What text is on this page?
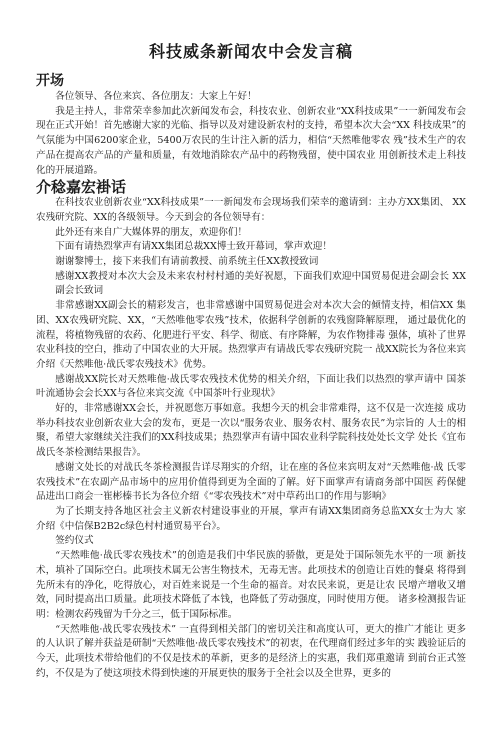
科技威条新闻农中会发言稿
开场

各位领导、各位来宾、各位朋友：大家上午好！

我是主持人，非常荣幸参加此次新闻发布会，科技农业、创新农业“XX科技成果”一一新闻发布会现在正式开始！首先感谢大家的光临、指导以及对建设新农村的支持，希望本次大会“XX 科技成果”的气氛能为中国6200家企业，5400万农民的生计注入新的活力，相信“天然唯他零农 残”技术生产的农产品在提高农产品的产量和质量，有效地消除农产品中的药物残留，使中国农业 用创新技术走上科技化的开展道路。

介稔嘉宏褂话

在科技农业创新农业“XX科技成果”一一新闻发布会现场我们荣幸的邀请到：主办方XX集团、 XX农残研究院、XX的各级领导。今天到会的各位领导有：

此外还有来自广大媒体界的朋友，欢迎你们！

下面有请热烈掌声有请XX集团总裁XX博士致开幕词，掌声欢迎！

谢谢黎博士，接下来我们有请前教授、前系统主任XX教授致词

感谢XX教授对本次大会及未来农村村村通的美好祝愿，下面我们欢迎中国贸易促进会副会长 XX副会长致词

非常感谢XX副会长的精彩发言，也非常感谢中国贸易促进会对本次大会的倾情支持，相信XX 集团、XX农残研究院、XX，“天然唯他零农残”技术，依据科学创新的农残窗降解原理， 通过最优化的流程，将植物残留的农药、化肥进行平安、科学、彻底、有序降解，为农作物排毒 强体，填补了世界农业科技的空白，推动了中国农业的大开展。热烈掌声有请战氏零农残研究院一 战XX院长为各位来宾介绍《天然唯他·战氏零农残技术》优势。

感谢战XX院长对天然唯他·战氏零农残技术优势的相关介绍，下面让我们以热烈的掌声请中 国茶叶流通协会会长XX与各位来宾交流《中国茶叶行业现状》

好的，非常感谢XX会长，并祝愿您万事如意。我想今天的机会非常难得，这不仅是一次连接 成功举办科技农业创新农业大会的发布，更是一次以“服务农业、服务农村、服务农民”为宗旨的 人士的相聚，希望大家继续关注我们的XX科技成果；热烈掌声有请中国农业科学院科技处处长文学 处长《宜布战氏冬茶检测结果报告》。

感谢文处长的对战氏冬茶检测报告详尽翔实的介绍，让在座的各位来宾明友对“天然唯他·战 氏零农残技术”在农副产品市场中的应用价值得到更为全面的了解。好下面掌声有请商务部中国医 药保健品进出口商会一崔彬榛书长为各位介绍《“零农残技术”对中草药出口的作用与影响》

为了长期支持各地区社会主义新农村建设事业的开展，掌声有请XX集团商务总监XX女士为大 家介绍《中信保B2B2c绿色村村通贸易平台》。

签约仪式

“天然唯他·战氏零农残技术”的创造是我们中华民族的骄傲，更是处于国际领先水平的一项 新技术，填补了国际空白。此项技术属无公害生物技术，无毒无害。此项技术的创造让百姓的餐桌 将得到先所未有的净化，吃得放心，对百姓来说是一个生命的福音。对农民来说，更是让农 民增产增收又增效，同时提高出口质量。此项技术降低了本钱，也降低了劳动强度，同时使用方便。 诸多检测报告证明：检测农药残留为千分之三，低于国际标准。

“天然唯他·战氏零农残技术” 一直得到相关部门的密切关注和高度认可，更大的推广才能让 更多的人认识了解并获益是研制“天然唯他·战氏零农残技术”的初衷，在代理商们经过多年的实 践验证后的今天，此项技术带给他们的不仅是技术的革新，更多的是经济上的实惠，我们郑重邀请 到前台正式签约，不仅是为了使这项技术得到快速的开展更快的服务于全社会以及全世界，更多的
